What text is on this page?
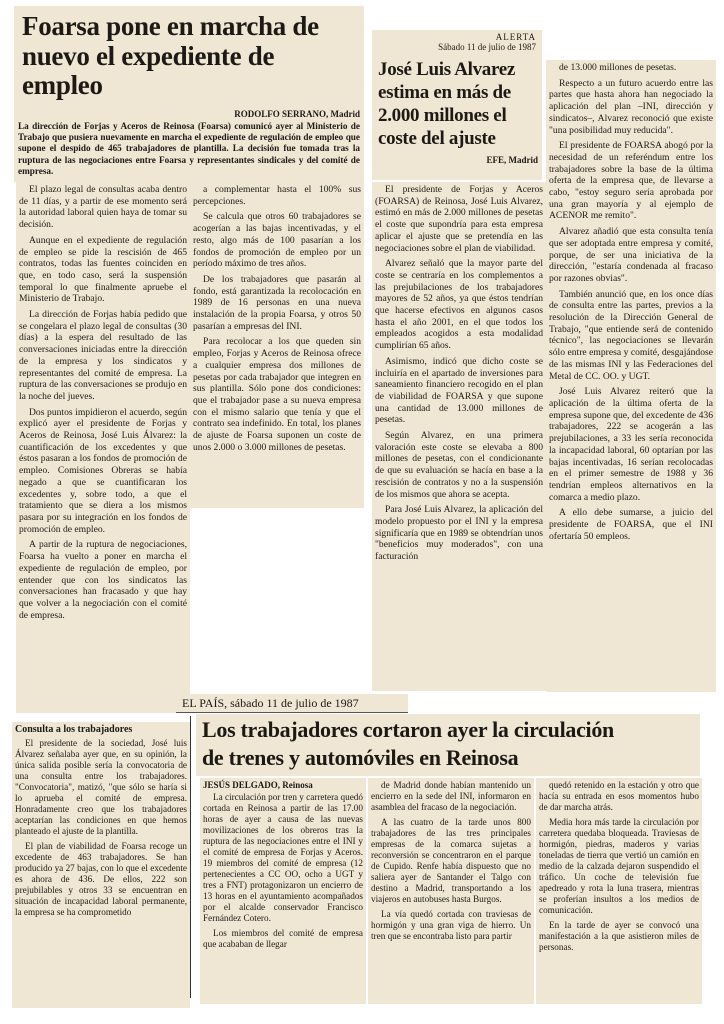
Foarsa pone en marcha de
nuevo el expediente de empleo
RODOLFO SERRANO, Madrid
La dirección de Forjas y Aceros de Reinosa (Foarsa) comunicó ayer al Ministerio de Trabajo que pusiera nuevamente en marcha el expediente de regulación de empleo que supone el despido de 465 trabajadores de plantilla. La decisión fue tomada tras la ruptura de las negociaciones entre Foarsa y representantes sindicales y del comité de empresa.

El plazo legal de consultas acaba dentro de 11 días, y a partir de ese momento será la autoridad laboral quien haya de tomar su decisión.

Aunque en el expediente de regulación de empleo se pide la rescisión de 465 contratos, todas las fuentes coinciden en que, en todo caso, será la suspensión temporal lo que finalmente apruebe el Ministerio de Trabajo.

La dirección de Forjas había pedido que se congelara el plazo legal de consultas (30 días) a la espera del resultado de las conversaciones iniciadas entre la dirección de la empresa y los sindicatos y representantes del comité de empresa. La ruptura de las conversaciones se produjo en la noche del jueves.

Dos puntos impidieron el acuerdo, según explicó ayer el presidente de Forjas y Aceros de Reinosa, José Luis Álvarez: la cuantificación de los excedentes y que éstos pasaran a los fondos de promoción de empleo. Comisiones Obreras se había negado a que se cuantificaran los excedentes y, sobre todo, a que el tratamiento que se diera a los mismos pasara por su integración en los fondos de promoción de empleo.

A partir de la ruptura de negociaciones, Foarsa ha vuelto a poner en marcha el expediente de regulación de empleo, por entender que con los sindicatos las conversaciones han fracasado y que hay que volver a la negociación con el comité de empresa.

a complementar hasta el 100% sus percepciones.

Se calcula que otros 60 trabajadores se acogerían a las bajas incentivadas, y el resto, algo más de 100 pasarían a los fondos de promoción de empleo por un período máximo de tres años.

De los trabajadores que pasarán al fondo, está garantizada la recolocación en 1989 de 16 personas en una nueva instalación de la propia Foarsa, y otros 50 pasarían a empresas del INI.

Para recolocar a los que queden sin empleo, Forjas y Aceros de Reinosa ofrece a cualquier empresa dos millones de pesetas por cada trabajador que integren en sus plantilla. Sólo pone dos condiciones: que el trabajador pase a su nueva empresa con el mismo salario que tenía y que el contrato sea indefinido. En total, los planes de ajuste de Foarsa suponen un coste de unos 2.000 o 3.000 millones de pesetas.

ALERTA
Sábado 11 de julio de 1987
José Luis Alvarez
estima en más de
2.000 millones el
coste del ajuste
EFE, Madrid

El presidente de Forjas y Aceros (FOARSA) de Reinosa, José Luis Alvarez, estimó en más de 2.000 millones de pesetas el coste que supondría para esta empresa aplicar el ajuste que se pretendía en las negociaciones sobre el plan de viabilidad.

Alvarez señaló que la mayor parte del coste se centraría en los complementos a las prejubilaciones de los trabajadores mayores de 52 años, ya que éstos tendrían que hacerse efectivos en algunos casos hasta el año 2001, en el que todos los empleados acogidos a esta modalidad cumplirían 65 años.

Asimismo, indicó que dicho coste se incluiría en el apartado de inversiones para saneamiento financiero recogido en el plan de viabilidad de FOARSA y que supone una cantidad de 13.000 millones de pesetas.

Según Alvarez, en una primera valoración este coste se elevaba a 800 millones de pesetas, con el condicionante de que su evaluación se hacía en base a la rescisión de contratos y no a la suspensión de los mismos que ahora se acepta.

Para José Luis Alvarez, la aplicación del modelo propuesto por el INI y la empresa significaría que en 1989 se obtendrían unos "beneficios muy moderados", con una facturación

de 13.000 millones de pesetas.

Respecto a un futuro acuerdo entre las partes que hasta ahora han negociado la aplicación del plan –INI, dirección y sindicatos–, Alvarez reconoció que existe "una posibilidad muy reducida".

El presidente de FOARSA abogó por la necesidad de un referéndum entre los trabajadores sobre la base de la última oferta de la empresa que, de llevarse a cabo, "estoy seguro sería aprobada por una gran mayoría y al ejemplo de ACENOR me remito".

Alvarez añadió que esta consulta tenía que ser adoptada entre empresa y comité, porque, de ser una iniciativa de la dirección, "estaría condenada al fracaso por razones obvias".

También anunció que, en los once días de consulta entre las partes, previos a la resolución de la Dirección General de Trabajo, "que entiende será de contenido técnico", las negociaciones se llevarán sólo entre empresa y comité, desgajándose de las mismas INI y las Federaciones del Metal de CC. OO. y UGT.

José Luis Alvarez reiteró que la aplicación de la última oferta de la empresa supone que, del excedente de 436 trabajadores, 222 se acogerán a las prejubilaciones, a 33 les sería reconocida la incapacidad laboral, 60 optarían por las bajas incentivadas, 16 serían recolocadas en el primer semestre de 1988 y 36 tendrían empleos alternativos en la comarca a medio plazo.

A ello debe sumarse, a juicio del presidente de FOARSA, que el INI ofertaría 50 empleos.

Consulta a los trabajadores

El presidente de la sociedad, José luis Álvarez señalaba ayer que, en su opinión, la única salida posible sería la convocatoria de una consulta entre los trabajadores. "Convocatoria", matizó, "que sólo se haría si lo aprueba el comité de empresa. Honradamente creo que los trabajadores aceptarían las condiciones en que hemos planteado el ajuste de la plantilla.

El plan de viabilidad de Foarsa recoge un excedente de 463 trabajadores. Se han producido ya 27 bajas, con lo que el excedente es ahora de 436. De ellos, 222 son prejubilables y otros 33 se encuentran en situación de incapacidad laboral permanente, la empresa se ha comprometido

EL PAÍS, sábado 11 de julio de 1987
Los trabajadores cortaron ayer la circulación
de trenes y automóviles en Reinosa
JESÚS DELGADO, Reinosa

La circulación por tren y carretera quedó cortada en Reinosa a partir de las 17.00 horas de ayer a causa de las nuevas movilizaciones de los obreros tras la ruptura de las negociaciones entre el INI y el comité de empresa de Forjas y Aceros. 19 miembros del comité de empresa (12 pertenecientes a CC OO, ocho a UGT y tres a FNT) protagonizaron un encierro de 13 horas en el ayuntamiento acompañados por el alcalde conservador Francisco Fernández Cotero.

Los miembros del comité de empresa que acababan de llegar

de Madrid donde habían mantenido un encierro en la sede del INI, informaron en asamblea del fracaso de la negociación.

A las cuatro de la tarde unos 800 trabajadores de las tres principales empresas de la comarca sujetas a reconversión se concentraron en el parque de Cupido. Renfe había dispuesto que no saliera ayer de Santander el Talgo con destino a Madrid, transportando a los viajeros en autobuses hasta Burgos.

La vía quedó cortada con traviesas de hormigón y una gran viga de hierro. Un tren que se encontraba listo para partir

quedó retenido en la estación y otro que hacía su entrada en esos momentos hubo de dar marcha atrás.

Media hora más tarde la circulación por carretera quedaba bloqueada. Traviesas de hormigón, piedras, maderos y varias toneladas de tierra que vertió un camión en medio de la calzada dejaron suspendido el tráfico. Un coche de televisión fue apedreado y rota la luna trasera, mientras se proferían insultos a los medios de comunicación.

En la tarde de ayer se convocó una manifestación a la que asistieron miles de personas.
